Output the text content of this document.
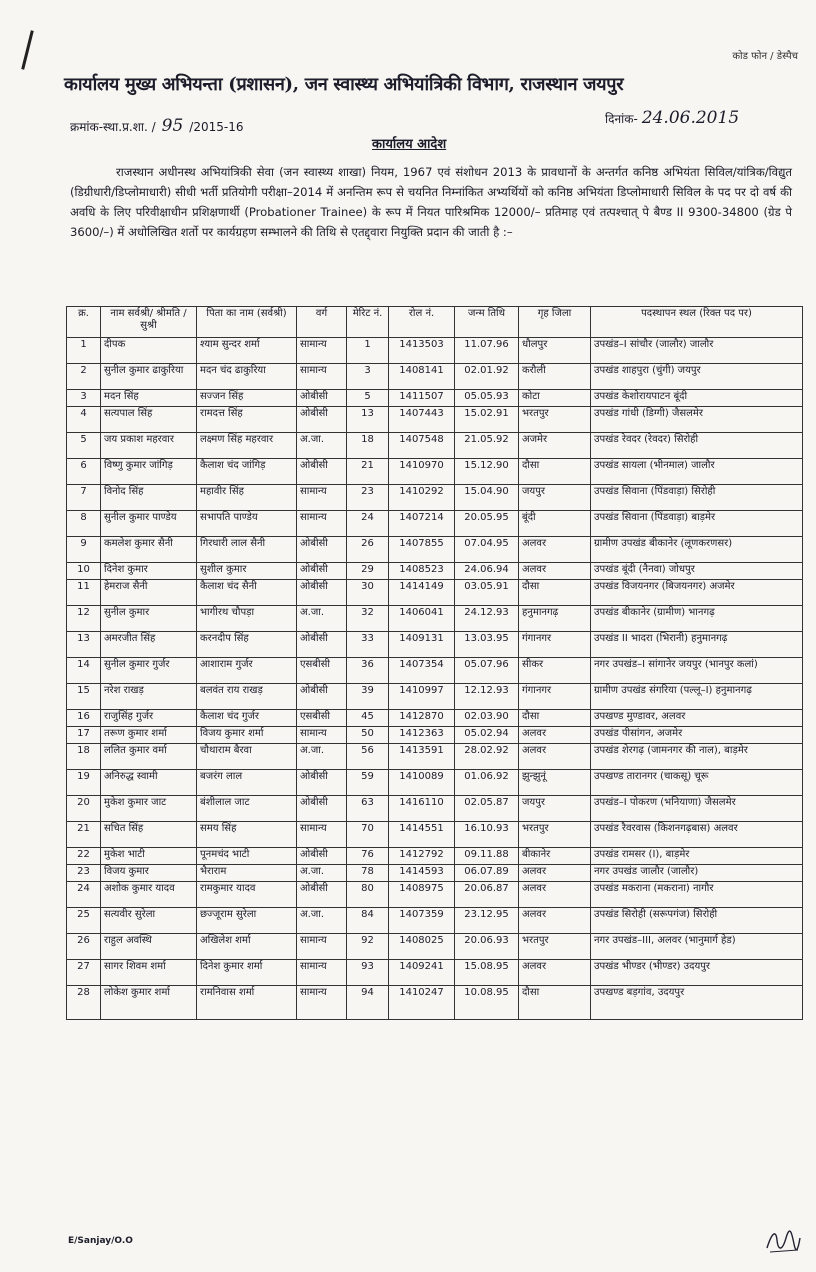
कोड फोन / डेस्पैच
कार्यालय मुख्य अभियन्ता (प्रशासन), जन स्वास्थ्य अभियांत्रिकी विभाग, राजस्थान जयपुर
क्रमांक-स्था.प्र.शा. / 95 /2015-16
दिनांक- 24.06.2015
कार्यालय आदेश
राजस्थान अधीनस्थ अभियांत्रिकी सेवा (जन स्वास्थ्य शाखा) नियम, 1967 एवं संशोधन 2013 के प्रावधानों के अन्तर्गत कनिष्ठ अभियंता सिविल/यांत्रिक/विद्युत (डिग्रीधारी/डिप्लोमाधारी) सीधी भर्ती प्रतियोगी परीक्षा–2014 में अनन्तिम रूप से चयनित निम्नांकित अभ्यर्थियों को कनिष्ठ अभियंता डिप्लोमाधारी सिविल के पद पर दो वर्ष की अवधि के लिए परिवीक्षाधीन प्रशिक्षणार्थी (Probationer Trainee) के रूप में नियत पारिश्रमिक 12000/– प्रतिमाह एवं तत्पश्चात् पे बैण्ड II 9300-34800 (ग्रेड पे 3600/–) में अधोलिखित शर्तो पर कार्यग्रहण सम्भालने की तिथि से एतद्द्वारा नियुक्ति प्रदान की जाती है :–
क्र.	नाम सर्वश्री/ श्रीमति /सुश्री	पिता का नाम (सर्वश्री)	वर्ग	मेरिट नं.	रोल नं.	जन्म तिथि	गृह जिला	पदस्थापन स्थल (रिक्त पद पर)
1	दीपक	श्याम सुन्दर शर्मा	सामान्य	1	1413503	11.07.96	धौलपुर	उपखंड–I सांचौर (जालौर) जालौर
2	सुनील कुमार ढाकुरिया	मदन चंद ढाकुरिया	सामान्य	3	1408141	02.01.92	करौली	उपखंड शाहपुरा (चुंगी) जयपुर
3	मदन सिंह	सज्जन सिंह	ओबीसी	5	1411507	05.05.93	कोटा	उपखंड केशोरायपाटन बूंदी
4	सत्यपाल सिंह	रामदत्त सिंह	ओबीसी	13	1407443	15.02.91	भरतपुर	उपखंड गांधी (डिग्गी) जैसलमेर
5	जय प्रकाश महरवार	लक्ष्मण सिंह महरवार	अ.जा.	18	1407548	21.05.92	अजमेर	उपखंड रेवदर (रेवदर) सिरोही
6	विष्णु कुमार जांगिड़	कैलाश चंद जांगिड़	ओबीसी	21	1410970	15.12.90	दौसा	उपखंड सायला (भीनमाल) जालौर
7	विनोद सिंह	महावीर सिंह	सामान्य	23	1410292	15.04.90	जयपुर	उपखंड सिवाना (पिंडवाड़ा) सिरोही
8	सुनील कुमार पाण्डेय	सभापति पाण्डेय	सामान्य	24	1407214	20.05.95	बूंदी	उपखंड सिवाना (पिंडवाड़ा) बाड़मेर
9	कमलेश कुमार सैनी	गिरधारी लाल सैनी	ओबीसी	26	1407855	07.04.95	अलवर	ग्रामीण उपखंड बीकानेर (लूणकरणसर)
10	दिनेश कुमार	सुशील कुमार	ओबीसी	29	1408523	24.06.94	अलवर	उपखंड बूंदी (नैनवा) जोधपुर
11	हेमराज सैनी	कैलाश चंद सैनी	ओबीसी	30	1414149	03.05.91	दौसा	उपखंड विजयनगर (बिजयनगर) अजमेर
12	सुनील कुमार	भागीरथ चौपड़ा	अ.जा.	32	1406041	24.12.93	हनुमानगढ़	उपखंड बीकानेर (ग्रामीण) भानगढ़
13	अमरजीत सिंह	करनदीप सिंह	ओबीसी	33	1409131	13.03.95	गंगानगर	उपखंड II भादरा (भिरानी) हनुमानगढ़
14	सुनील कुमार गुर्जर	आशाराम गुर्जर	एसबीसी	36	1407354	05.07.96	सीकर	नगर उपखंड–I सांगानेर जयपुर (भानपुर कलां)
15	नरेश राखड़	बलवंत राय राखड़	ओबीसी	39	1410997	12.12.93	गंगानगर	ग्रामीण उपखंड संगरिया (पल्लू–I) हनुमानगढ़
16	राजुसिंह गुर्जर	कैलाश चंद गुर्जर	एसबीसी	45	1412870	02.03.90	दौसा	उपखण्ड मुण्डावर, अलवर
17	तरूण कुमार शर्मा	विजय कुमार शर्मा	सामान्य	50	1412363	05.02.94	अलवर	उपखंड पीसांगन, अजमेर
18	ललित कुमार वर्मा	चौथाराम बैरवा	अ.जा.	56	1413591	28.02.92	अलवर	उपखंड शेरगढ़ (जामनगर की नाल), बाड़मेर
19	अनिरुद्ध स्वामी	बजरंग लाल	ओबीसी	59	1410089	01.06.92	झुन्झुनूं	उपखण्ड तारानगर (चाकसू) चूरू
20	मुकेश कुमार जाट	बंशीलाल जाट	ओबीसी	63	1416110	02.05.87	जयपुर	उपखंड–I पोकरण (भनियाणा) जैसलमेर
21	सचित सिंह	समय सिंह	सामान्य	70	1414551	16.10.93	भरतपुर	उपखंड रैवरवास (किशनगढ़बास) अलवर
22	मुकेश भाटी	पूनमचंद भाटी	ओबीसी	76	1412792	09.11.88	बीकानेर	उपखंड रामसर (I), बाड़मेर
23	विजय कुमार	भैराराम	अ.जा.	78	1414593	06.07.89	अलवर	नगर उपखंड जालौर (जालौर)
24	अशोक कुमार यादव	रामकुमार यादव	ओबीसी	80	1408975	20.06.87	अलवर	उपखंड मकराना (मकराना) नागौर
25	सत्यवीर सुरेला	छज्जूराम सुरेला	अ.जा.	84	1407359	23.12.95	अलवर	उपखंड सिरोही (सरूपगंज) सिरोही
26	राहुल अवस्थि	अखिलेश शर्मा	सामान्य	92	1408025	20.06.93	भरतपुर	नगर उपखंड–III, अलवर (भानुमार्ग हेड)
27	सागर शिवम शर्मा	दिनेश कुमार शर्मा	सामान्य	93	1409241	15.08.95	अलवर	उपखंड भीण्डर (भीण्डर) उदयपुर
28	लोकेश कुमार शर्मा	रामनिवास शर्मा	सामान्य	94	1410247	10.08.95	दौसा	उपखण्ड बड़गांव, उदयपुर
E/Sanjay/O.O
